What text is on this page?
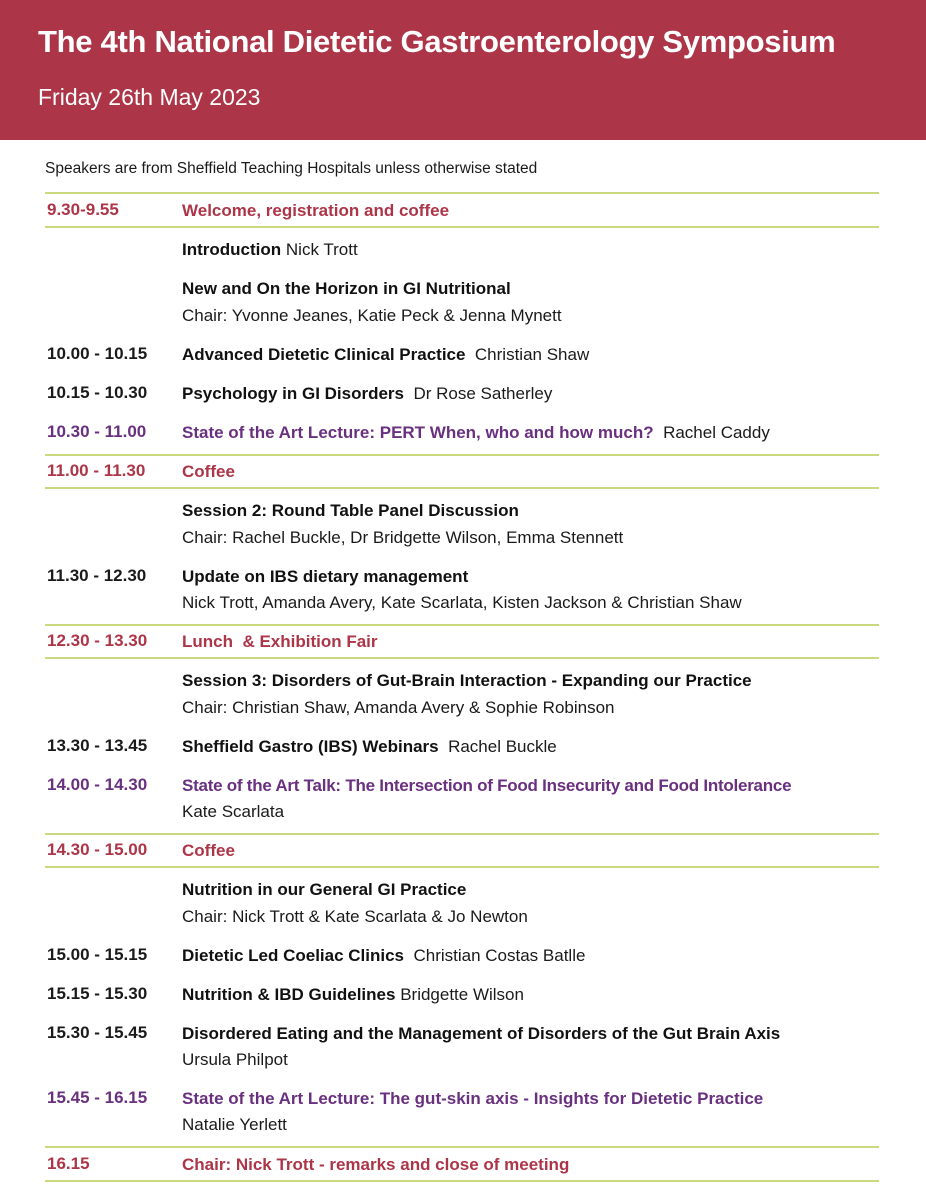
The 4th National Dietetic Gastroenterology Symposium
Friday 26th May 2023
Speakers are from Sheffield Teaching Hospitals unless otherwise stated
9.30-9.55	Welcome, registration and coffee
Introduction Nick Trott
New and On the Horizon in GI Nutritional
Chair: Yvonne Jeanes, Katie Peck & Jenna Mynett
10.00 - 10.15 Advanced Dietetic Clinical Practice Christian Shaw
10.15 - 10.30 Psychology in GI Disorders Dr Rose Satherley
10.30 - 11.00 State of the Art Lecture: PERT When, who and how much? Rachel Caddy
11.00 - 11.30 Coffee
Session 2: Round Table Panel Discussion
Chair: Rachel Buckle, Dr Bridgette Wilson, Emma Stennett
11.30 - 12.30 Update on IBS dietary management
Nick Trott, Amanda Avery, Kate Scarlata, Kisten Jackson & Christian Shaw
12.30 - 13.30 Lunch  & Exhibition Fair
Session 3: Disorders of Gut-Brain Interaction - Expanding our Practice
Chair: Christian Shaw, Amanda Avery & Sophie Robinson
13.30 - 13.45 Sheffield Gastro (IBS) Webinars Rachel Buckle
14.00 - 14.30 State of the Art Talk: The Intersection of Food Insecurity and Food Intolerance
Kate Scarlata
14.30 - 15.00 Coffee
Nutrition in our General GI Practice
Chair: Nick Trott & Kate Scarlata & Jo Newton
15.00 - 15.15 Dietetic Led Coeliac Clinics Christian Costas Batlle
15.15 - 15.30 Nutrition & IBD Guidelines Bridgette Wilson
15.30 - 15.45 Disordered Eating and the Management of Disorders of the Gut Brain Axis
Ursula Philpot
15.45 - 16.15 State of the Art Lecture: The gut-skin axis - Insights for Dietetic Practice
Natalie Yerlett
16.15	Chair: Nick Trott - remarks and close of meeting
